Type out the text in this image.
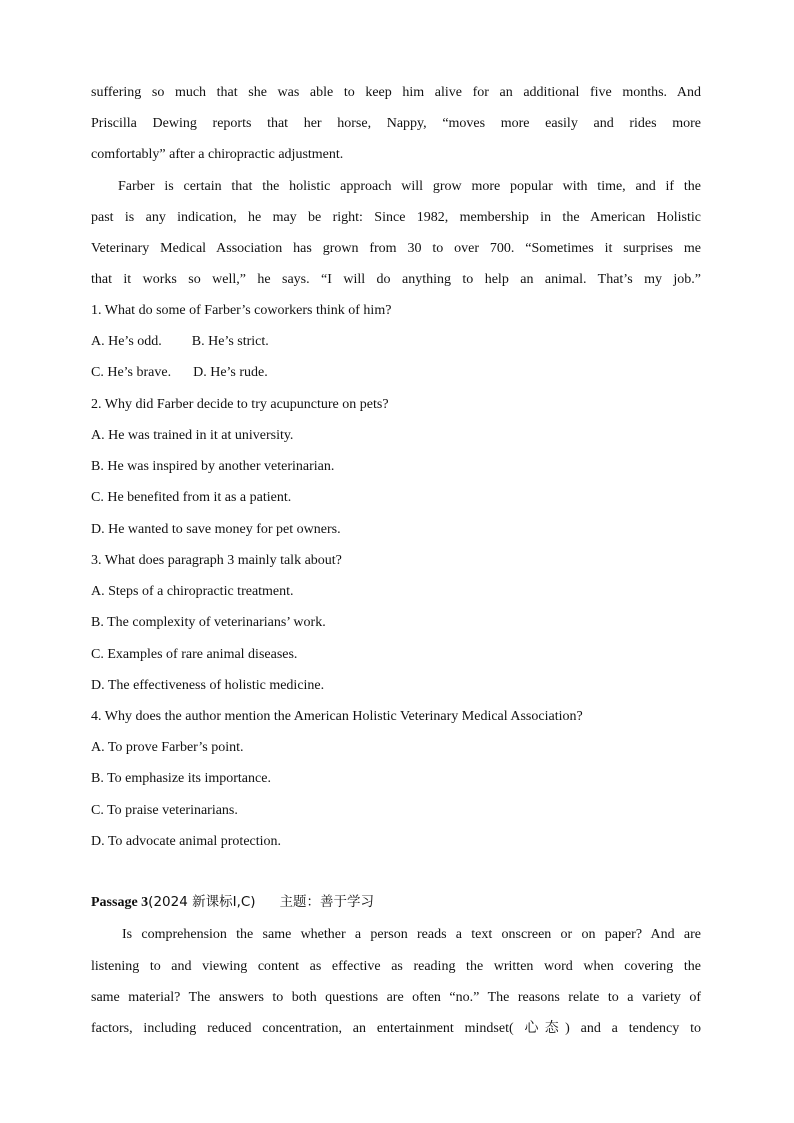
suffering so much that she was able to keep him alive for an additional five months. And
Priscilla Dewing reports that her horse, Nappy, “moves more easily and rides more
comfortably” after a chiropractic adjustment.
Farber is certain that the holistic approach will grow more popular with time, and if the
past is any indication, he may be right: Since 1982, membership in the American Holistic
Veterinary Medical Association has grown from 30 to over 700. “Sometimes it surprises me
that it works so well,” he says. “I will do anything to help an animal. That’s my job.”
1. What do some of Farber’s coworkers think of him?
A. He’s odd. B. He’s strict.
C. He’s brave. D. He’s rude.
2. Why did Farber decide to try acupuncture on pets?
A. He was trained in it at university.
B. He was inspired by another veterinarian.
C. He benefited from it as a patient.
D. He wanted to save money for pet owners.
3. What does paragraph 3 mainly talk about?
A. Steps of a chiropractic treatment.
B. The complexity of veterinarians’ work.
C. Examples of rare animal diseases.
D. The effectiveness of holistic medicine.
4. Why does the author mention the American Holistic Veterinary Medical Association?
A. To prove Farber’s point.
B. To emphasize its importance.
C. To praise veterinarians.
D. To advocate animal protection.
Passage 3(2024 新课标Ⅰ,C) 主题：善于学习
Is comprehension the same whether a person reads a text onscreen or on paper? And are
listening to and viewing content as effective as reading the written word when covering the
same material? The answers to both questions are often “no.” The reasons relate to a variety of
factors, including reduced concentration, an entertainment mindset( 心态) and a tendency to
